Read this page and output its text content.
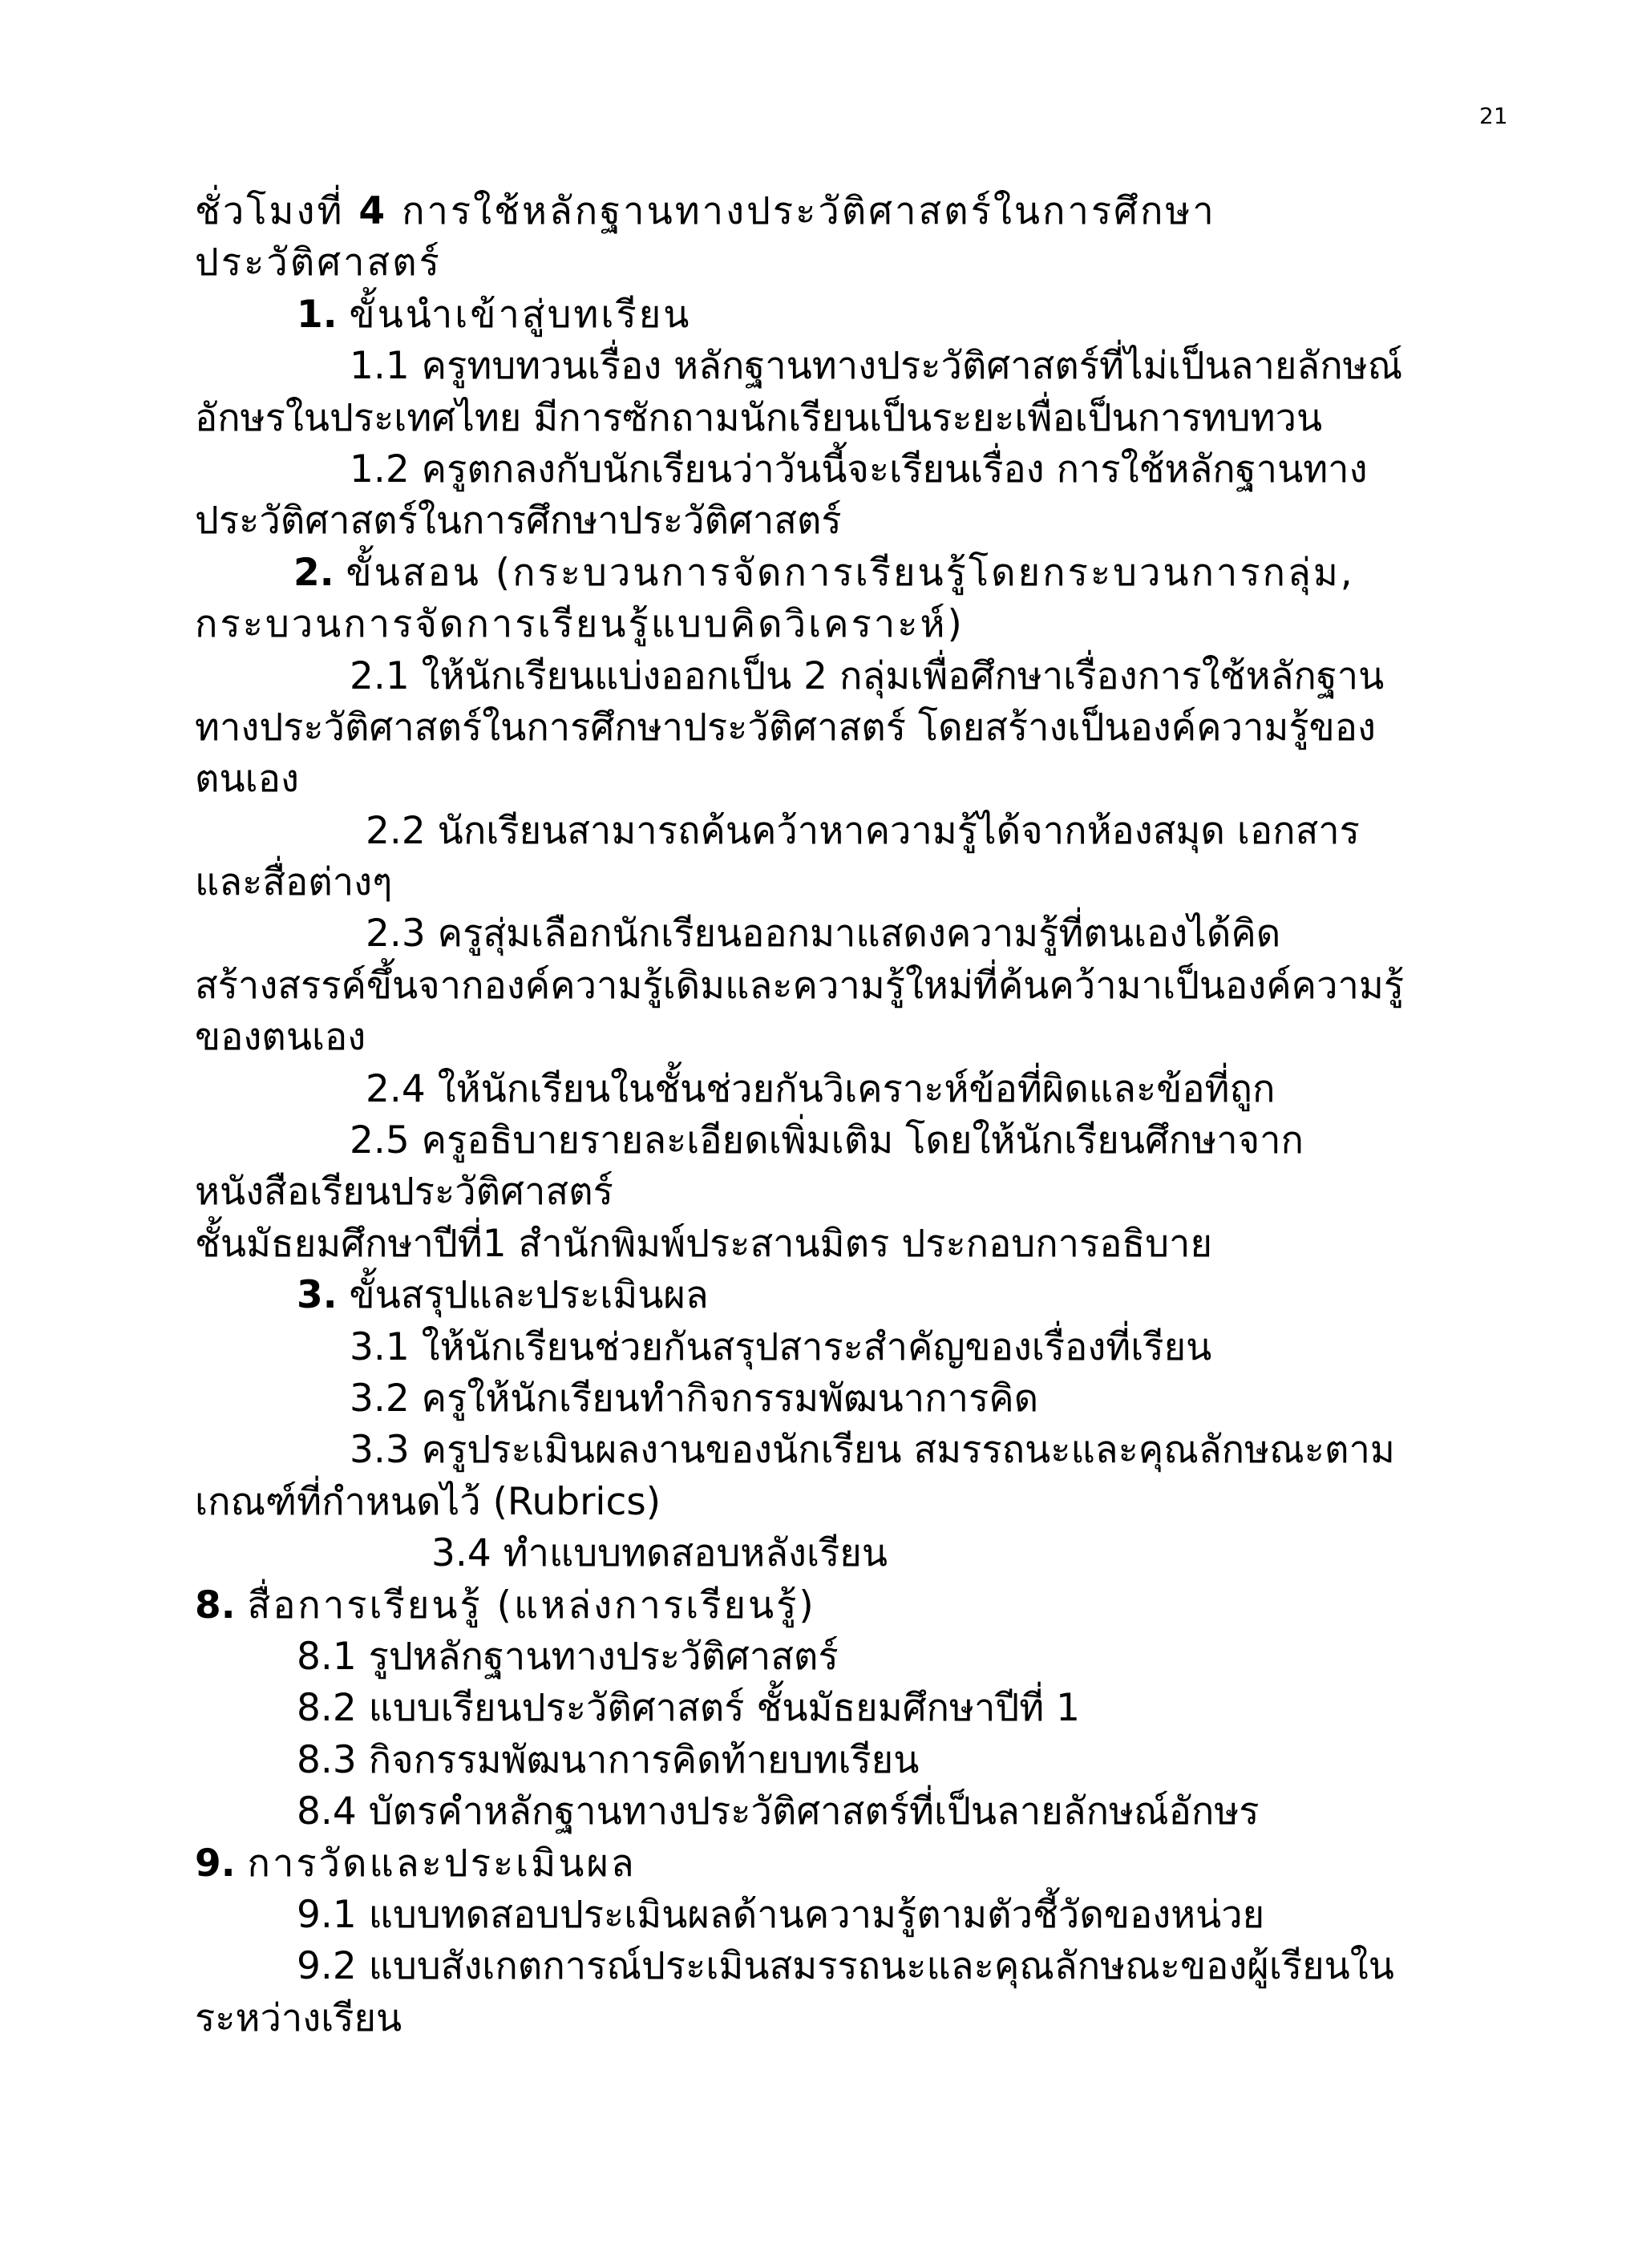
21
ชั่วโมงที่ 4 การใช้หลักฐานทางประวัติศาสตร์ในการศึกษา
ประวัติศาสตร์
1. ขั้นนำเข้าสู่บทเรียน
1.1 ครูทบทวนเรื่อง หลักฐานทางประวัติศาสตร์ที่ไม่เป็นลายลักษณ์
อักษรในประเทศไทย มีการซักถามนักเรียนเป็นระยะเพื่อเป็นการทบทวน
1.2 ครูตกลงกับนักเรียนว่าวันนี้จะเรียนเรื่อง การใช้หลักฐานทาง
ประวัติศาสตร์ในการศึกษาประวัติศาสตร์
2. ขั้นสอน (กระบวนการจัดการเรียนรู้โดยกระบวนการกลุ่ม,
กระบวนการจัดการเรียนรู้แบบคิดวิเคราะห์)
2.1 ให้นักเรียนแบ่งออกเป็น 2 กลุ่มเพื่อศึกษาเรื่องการใช้หลักฐาน
ทางประวัติศาสตร์ในการศึกษาประวัติศาสตร์ โดยสร้างเป็นองค์ความรู้ของ
ตนเอง
2.2 นักเรียนสามารถค้นคว้าหาความรู้ได้จากห้องสมุด เอกสาร
และสื่อต่างๆ
2.3 ครูสุ่มเลือกนักเรียนออกมาแสดงความรู้ที่ตนเองได้คิด
สร้างสรรค์ขึ้นจากองค์ความรู้เดิมและความรู้ใหม่ที่ค้นคว้ามาเป็นองค์ความรู้
ของตนเอง
2.4 ให้นักเรียนในชั้นช่วยกันวิเคราะห์ข้อที่ผิดและข้อที่ถูก
2.5 ครูอธิบายรายละเอียดเพิ่มเติม โดยให้นักเรียนศึกษาจาก
หนังสือเรียนประวัติศาสตร์
ชั้นมัธยมศึกษาปีที่1 สำนักพิมพ์ประสานมิตร ประกอบการอธิบาย
3. ขั้นสรุปและประเมินผล
3.1 ให้นักเรียนช่วยกันสรุปสาระสำคัญของเรื่องที่เรียน
3.2 ครูให้นักเรียนทำกิจกรรมพัฒนาการคิด
3.3 ครูประเมินผลงานของนักเรียน สมรรถนะและคุณลักษณะตาม
เกณฑ์ที่กำหนดไว้ (Rubrics)
3.4 ทำแบบทดสอบหลังเรียน
8. สื่อการเรียนรู้ (แหล่งการเรียนรู้)
8.1 รูปหลักฐานทางประวัติศาสตร์
8.2 แบบเรียนประวัติศาสตร์ ชั้นมัธยมศึกษาปีที่ 1
8.3 กิจกรรมพัฒนาการคิดท้ายบทเรียน
8.4 บัตรคำหลักฐานทางประวัติศาสตร์ที่เป็นลายลักษณ์อักษร
9. การวัดและประเมินผล
9.1 แบบทดสอบประเมินผลด้านความรู้ตามตัวชี้วัดของหน่วย
9.2 แบบสังเกตการณ์ประเมินสมรรถนะและคุณลักษณะของผู้เรียนใน
ระหว่างเรียน
